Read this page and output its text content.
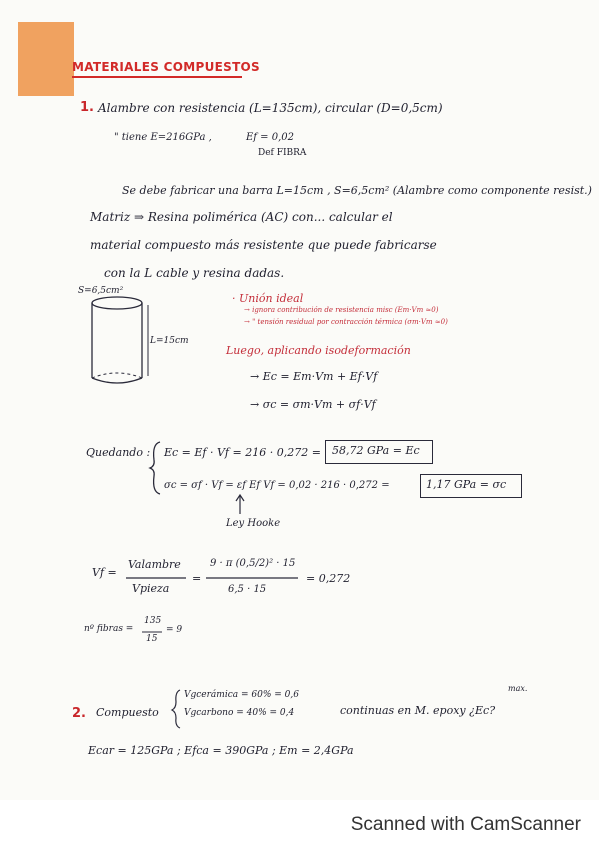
MATERIALES COMPUESTOS
1. Alambre con resistencia (L=135cm), circular (D=0,5cm)
" tiene E=216GPa ,	Ef = 0,02
Def FIBRA
Se debe fabricar una barra L=15cm , S=6,5cm² (Alambre como componente resist.)
Matriz ⇒ Resina polimérica (AC) con... calcular el
material compuesto más resistente que puede fabricarse
con la L cable y resina dadas.
S=6,5cm²
L=15cm
· Unión ideal
→ ignora contribución de resistencia misc (Em·Vm ≈0)
→ " tensión residual por contracción térmica (σm·Vm ≈0)
Luego, aplicando isodeformación
→ Ec = Em·Vm + Ef·Vf
→ σc = σm·Vm + σf·Vf
Quedando : Ec = Ef · Vf = 216 · 0,272 = 58,72 GPa = Ec
σc = σf · Vf = εf Ef Vf = 0,02 · 216 · 0,272 =	1,17 GPa = σc
Ley Hooke
Vf =
Valambre
Vpieza
=
9 · π (0,5/2)² · 15
6,5 · 15
= 0,272
nº fibras =
135
15
= 9
2. Compuesto
Vgcerámica = 60% = 0,6
Vgcarbono = 40% = 0,4	continuas en M. epoxy ¿Ec?
max.
Ecar = 125GPa ; Efca = 390GPa ; Em = 2,4GPa
Scanned with CamScanner
